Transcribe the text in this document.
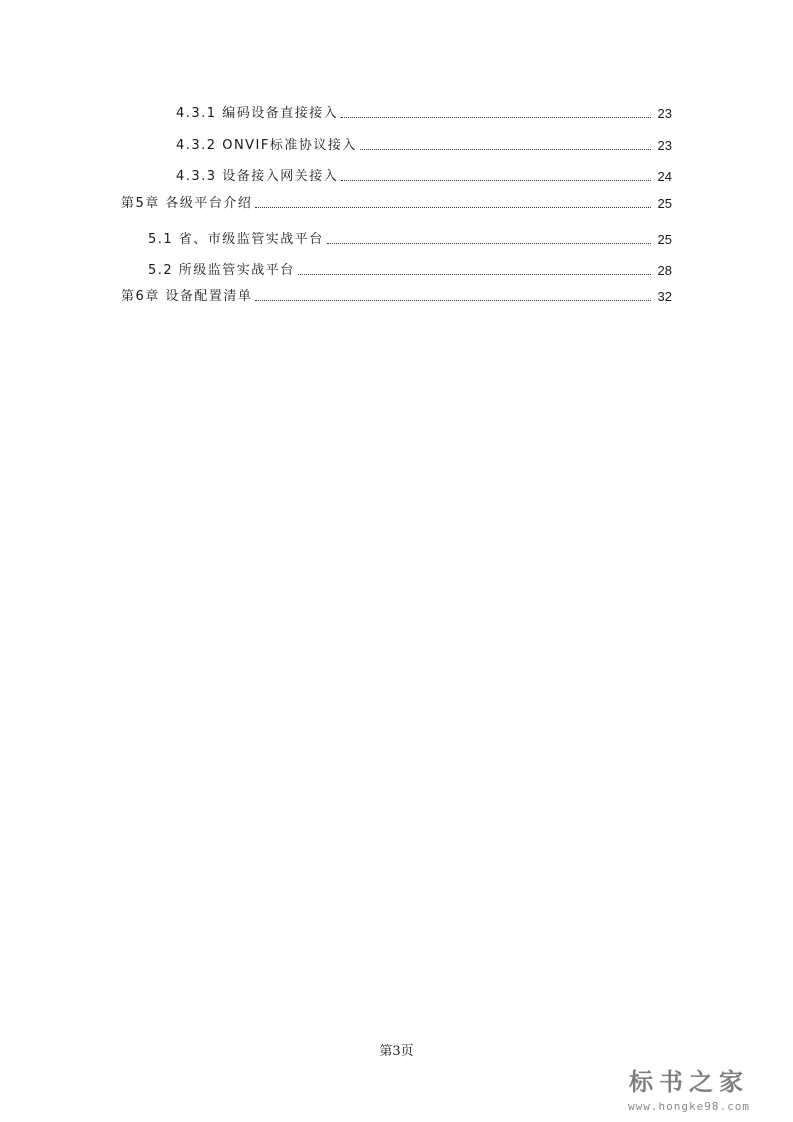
4.3.1 编码设备直接接入	23
4.3.2 ONVIF标准协议接入	23
4.3.3 设备接入网关接入	24
第5章 各级平台介绍	25
5.1 省、市级监管实战平台	25
5.2 所级监管实战平台	28
第6章 设备配置清单	32
第3页
标书之家
www.hongke98.com
